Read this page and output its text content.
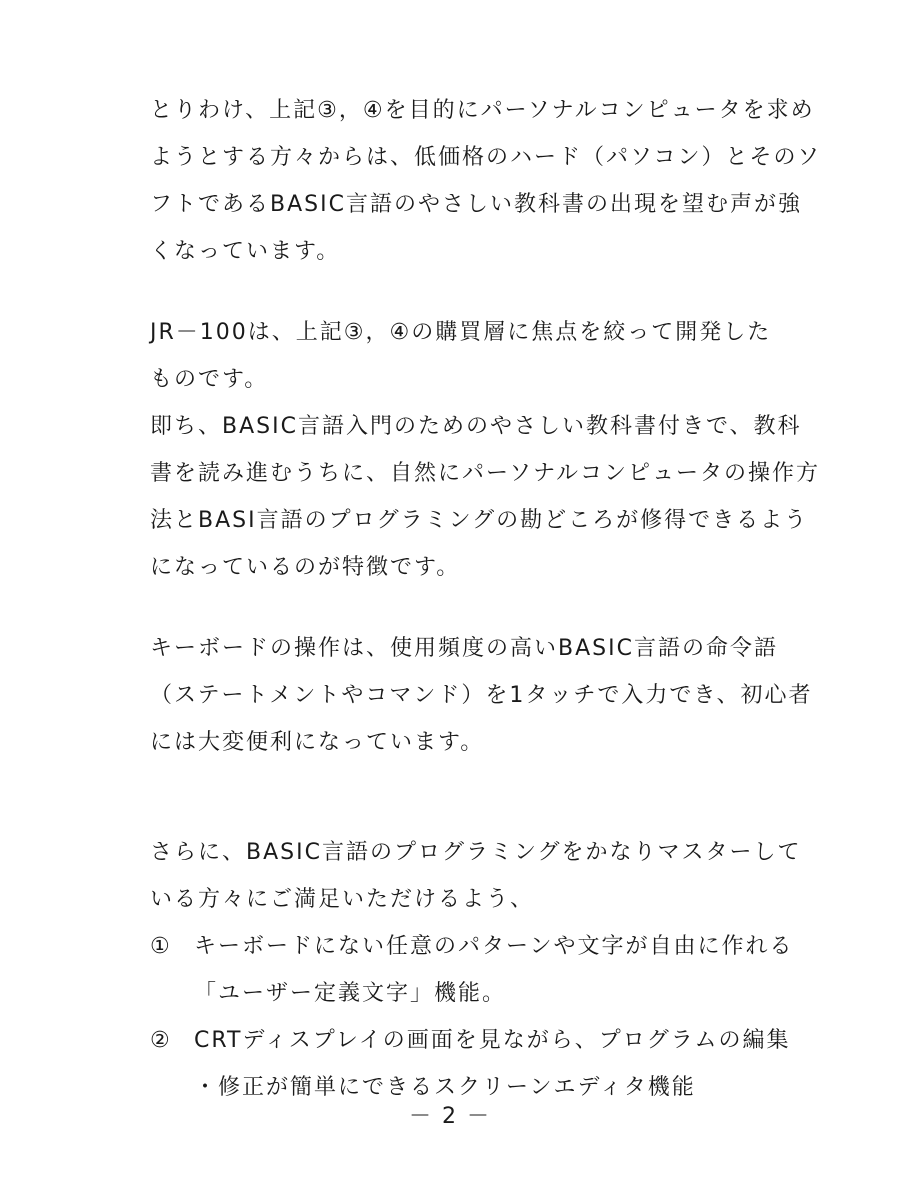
とりわけ、上記③，④を目的にパーソナルコンピュータを求め
ようとする方々からは、低価格のハード（パソコン）とそのソ
フトであるBASIC言語のやさしい教科書の出現を望む声が強
くなっています。
JR－100は、上記③，④の購買層に焦点を絞って開発した
ものです。
即ち、BASIC言語入門のためのやさしい教科書付きで、教科
書を読み進むうちに、自然にパーソナルコンピュータの操作方
法とBASI言語のプログラミングの勘どころが修得できるよう
になっているのが特徴です。
キーボードの操作は、使用頻度の高いBASIC言語の命令語
（ステートメントやコマンド）を1タッチで入力でき、初心者
には大変便利になっています。
さらに、BASIC言語のプログラミングをかなりマスターして
いる方々にご満足いただけるよう、
① キーボードにない任意のパターンや文字が自由に作れる
「ユーザー定義文字」機能。
② CRTディスプレイの画面を見ながら、プログラムの編集
・修正が簡単にできるスクリーンエディタ機能
－ 2 －
